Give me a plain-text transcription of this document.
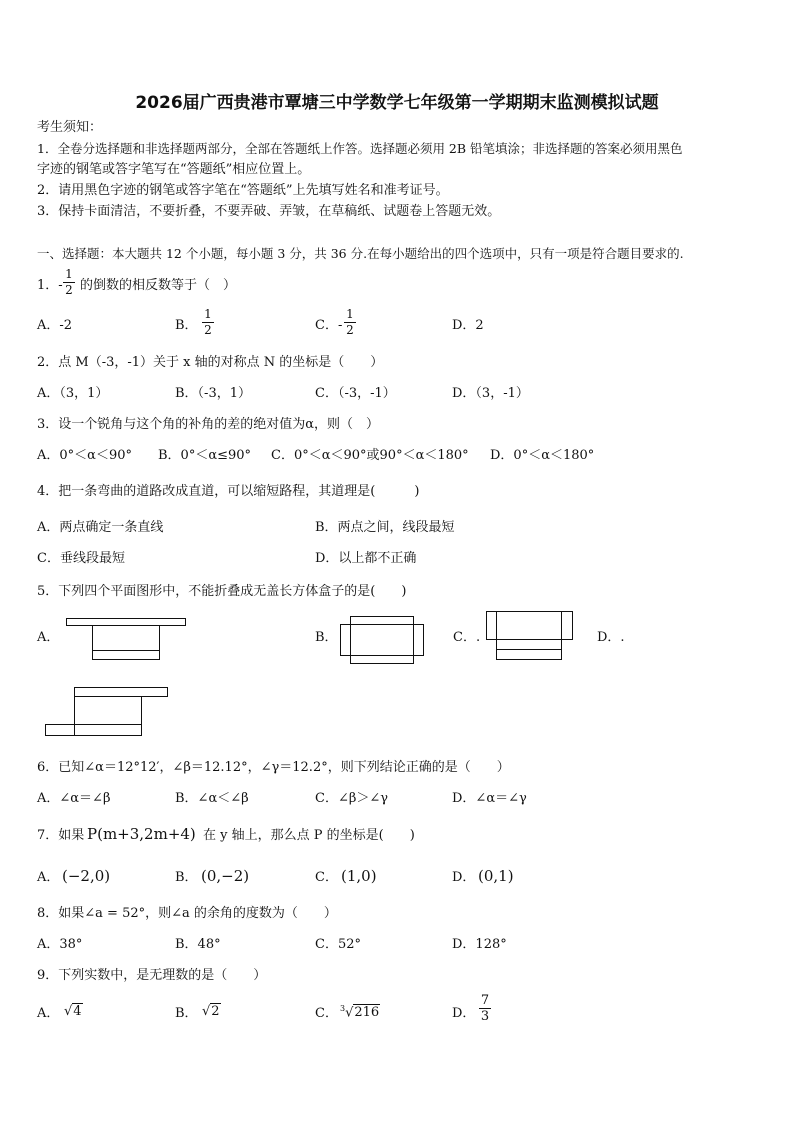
2026届广西贵港市覃塘三中学数学七年级第一学期期末监测模拟试题
考生须知：
1．全卷分选择题和非选择题两部分，全部在答题纸上作答。选择题必须用 2B 铅笔填涂；非选择题的答案必须用黑色
字迹的钢笔或答字笔写在“答题纸”相应位置上。
2．请用黑色字迹的钢笔或答字笔在“答题纸”上先填写姓名和准考证号。
3．保持卡面清洁，不要折叠，不要弄破、弄皱，在草稿纸、试题卷上答题无效。
一、选择题：本大题共 12 个小题，每小题 3 分，共 36 分.在每小题给出的四个选项中，只有一项是符合题目要求的.
1．-
1
2 的倒数的相反数等于（　）
A．-2	B．
1
2	C．-
1
2	D．2
2．点 M（-3，-1）关于 x 轴的对称点 N 的坐标是（　　）
A．（3，1）	B．（-3，1）	C．（-3，-1）	D．（3，-1）
3．设一个锐角与这个角的补角的差的绝对值为α，则（　）
A．0°＜α＜90° B．0°＜α≤90° C．0°＜α＜90°或90°＜α＜180° D．0°＜α＜180°
4．把一条弯曲的道路改成直道，可以缩短路程，其道理是(　　　)
A．两点确定一条直线	B．两点之间，线段最短
C．垂线段最短	D．以上都不正确
5．下列四个平面图形中，不能折叠成无盖长方体盒子的是(　　)
A．	B．	C．.	D．.
6．已知∠α＝12°12′，∠β＝12.12°，∠γ＝12.2°，则下列结论正确的是（　　）
A．∠α＝∠β	B．∠α＜∠β	C．∠β＞∠γ	D．∠α＝∠γ
7．如果 P(m+3,2m+4) 在 y 轴上，那么点 P 的坐标是(　　)
A． (−2,0)	B． (0,−2)	C． (1,0)	D． (0,1)
8．如果∠a = 52°，则∠a 的余角的度数为（　　）
A．38°	B．48°	C．52°	D．128°
9．下列实数中，是无理数的是（　　）
A． √4	B． √2	C． $^3$√216	D．
7
3
